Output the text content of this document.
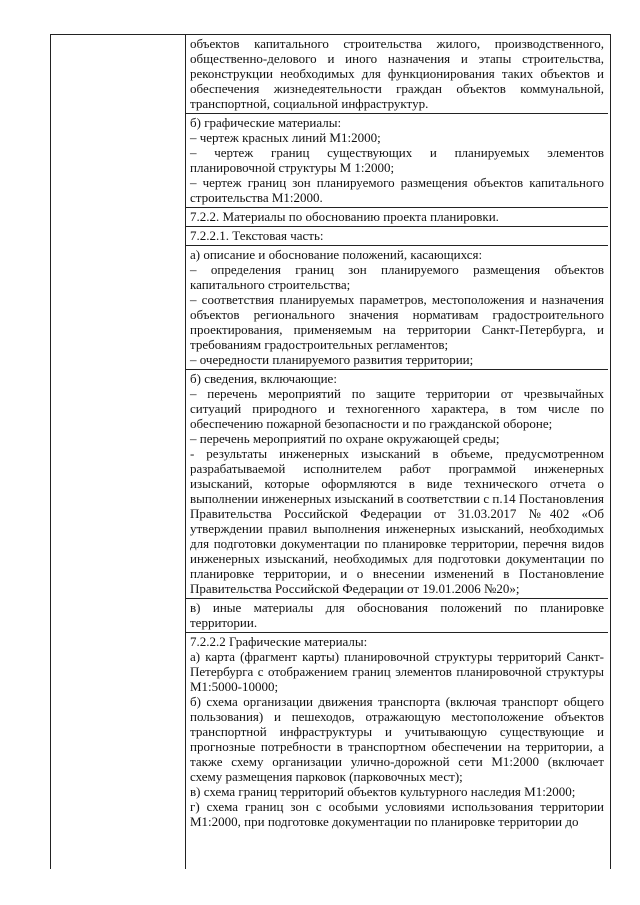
объектов капитального строительства жилого, производственного, общественно-делового и иного назначения и этапы строительства, реконструкции необходимых для функционирования таких объектов и обеспечения жизнедеятельности граждан объектов коммунальной, транспортной, социальной инфраструктур.

б) графические материалы:

– чертеж красных линий М1:2000;

– чертеж границ существующих и планируемых элементов планировочной структуры М 1:2000;

– чертеж границ зон планируемого размещения объектов капитального строительства М1:2000.

7.2.2. Материалы по обоснованию проекта планировки.

7.2.2.1. Текстовая часть:

а) описание и обоснование положений, касающихся:

– определения границ зон планируемого размещения объектов капитального строительства;

– соответствия планируемых параметров, местоположения и назначения объектов регионального значения нормативам градостроительного проектирования, применяемым на территории Санкт-Петербурга, и требованиям градостроительных регламентов;

– очередности планируемого развития территории;

б) сведения, включающие:

– перечень мероприятий по защите территории от чрезвычайных ситуаций природного и техногенного характера, в том числе по обеспечению пожарной безопасности и по гражданской обороне;

– перечень мероприятий по охране окружающей среды;

- результаты инженерных изысканий в объеме, предусмотренном разрабатываемой исполнителем работ программой инженерных изысканий, которые оформляются в виде технического отчета о выполнении инженерных изысканий в соответствии с п.14 Постановления Правительства Российской Федерации от 31.03.2017 №402 «Об утверждении правил выполнения инженерных изысканий, необходимых для подготовки документации по планировке территории, перечня видов инженерных изысканий, необходимых для подготовки документации по планировке территории, и о внесении изменений в Постановление Правительства Российской Федерации от 19.01.2006 №20»;

в) иные материалы для обоснования положений по планировке территории.

7.2.2.2 Графические материалы:

а) карта (фрагмент карты) планировочной структуры территорий Санкт-Петербурга с отображением границ элементов планировочной структуры М1:5000-10000;

б) схема организации движения транспорта (включая транспорт общего пользования) и пешеходов, отражающую местоположение объектов транспортной инфраструктуры и учитывающую существующие и прогнозные потребности в транспортном обеспечении на территории, а также схему организации улично-дорожной сети М1:2000 (включает схему размещения парковок (парковочных мест);

в) схема границ территорий объектов культурного наследия М1:2000;

г) схема границ зон с особыми условиями использования территории М1:2000, при подготовке документации по планировке территории до
